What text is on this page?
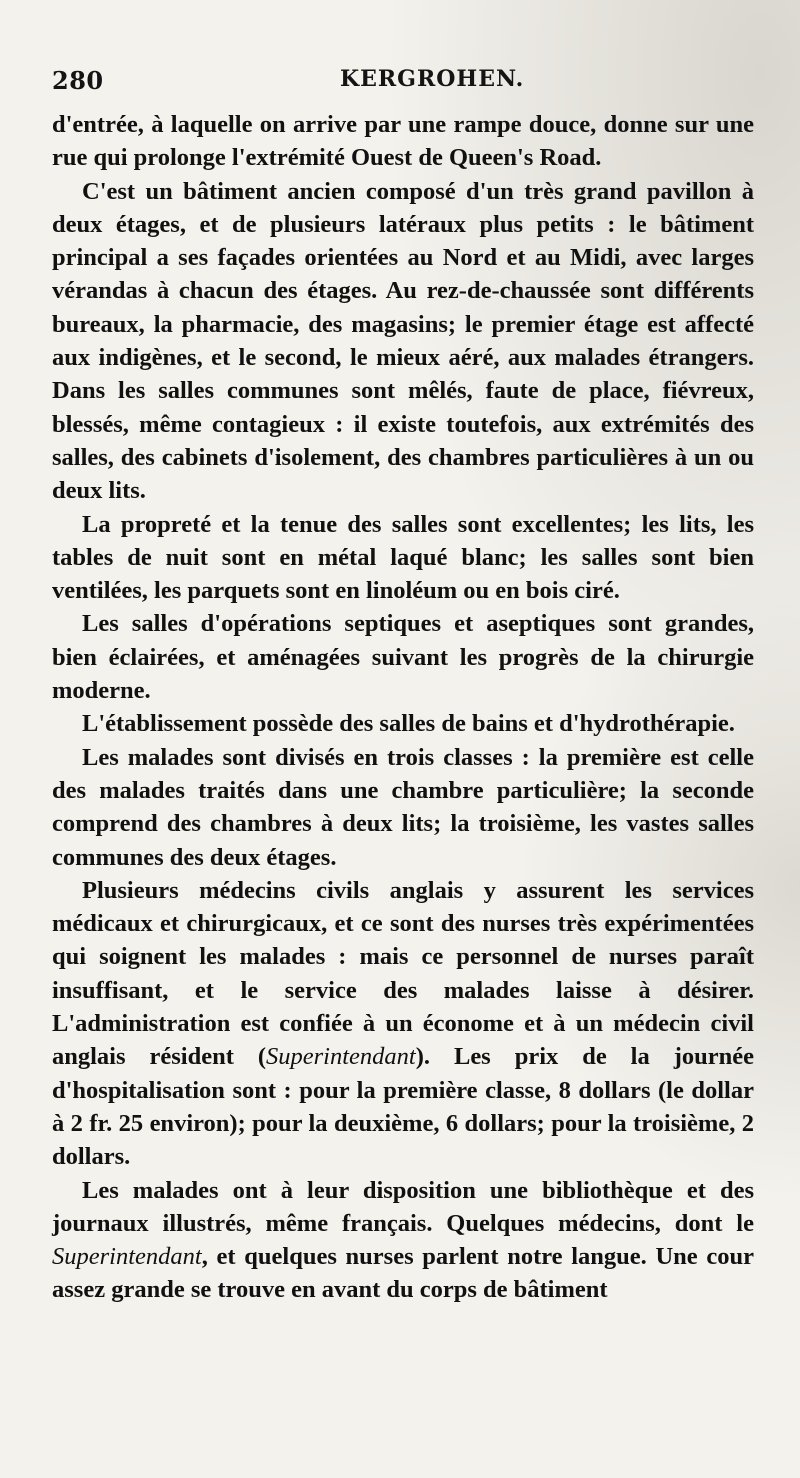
280	KERGROHEN.

d'entrée, à laquelle on arrive par une rampe douce, donne sur une rue qui prolonge l'extrémité Ouest de Queen's Road.

C'est un bâtiment ancien composé d'un très grand pavillon à deux étages, et de plusieurs latéraux plus petits : le bâtiment principal a ses façades orientées au Nord et au Midi, avec larges vérandas à chacun des étages. Au rez-de-chaussée sont différents bureaux, la pharmacie, des magasins; le premier étage est affecté aux indigènes, et le second, le mieux aéré, aux malades étrangers. Dans les salles communes sont mêlés, faute de place, fiévreux, blessés, même contagieux : il existe toutefois, aux extrémités des salles, des cabinets d'isolement, des chambres particulières à un ou deux lits.

La propreté et la tenue des salles sont excellentes; les lits, les tables de nuit sont en métal laqué blanc; les salles sont bien ventilées, les parquets sont en linoléum ou en bois ciré.

Les salles d'opérations septiques et aseptiques sont grandes, bien éclairées, et aménagées suivant les progrès de la chirurgie moderne.

L'établissement possède des salles de bains et d'hydrothérapie.

Les malades sont divisés en trois classes : la première est celle des malades traités dans une chambre particulière; la seconde comprend des chambres à deux lits; la troisième, les vastes salles communes des deux étages.

Plusieurs médecins civils anglais y assurent les services médicaux et chirurgicaux, et ce sont des nurses très expérimentées qui soignent les malades : mais ce personnel de nurses paraît insuffisant, et le service des malades laisse à désirer. L'administration est confiée à un économe et à un médecin civil anglais résident (Superintendant). Les prix de la journée d'hospitalisation sont : pour la première classe, 8 dollars (le dollar à 2 fr. 25 environ); pour la deuxième, 6 dollars; pour la troisième, 2 dollars.

Les malades ont à leur disposition une bibliothèque et des journaux illustrés, même français. Quelques médecins, dont le Superintendant, et quelques nurses parlent notre langue. Une cour assez grande se trouve en avant du corps de bâtiment
